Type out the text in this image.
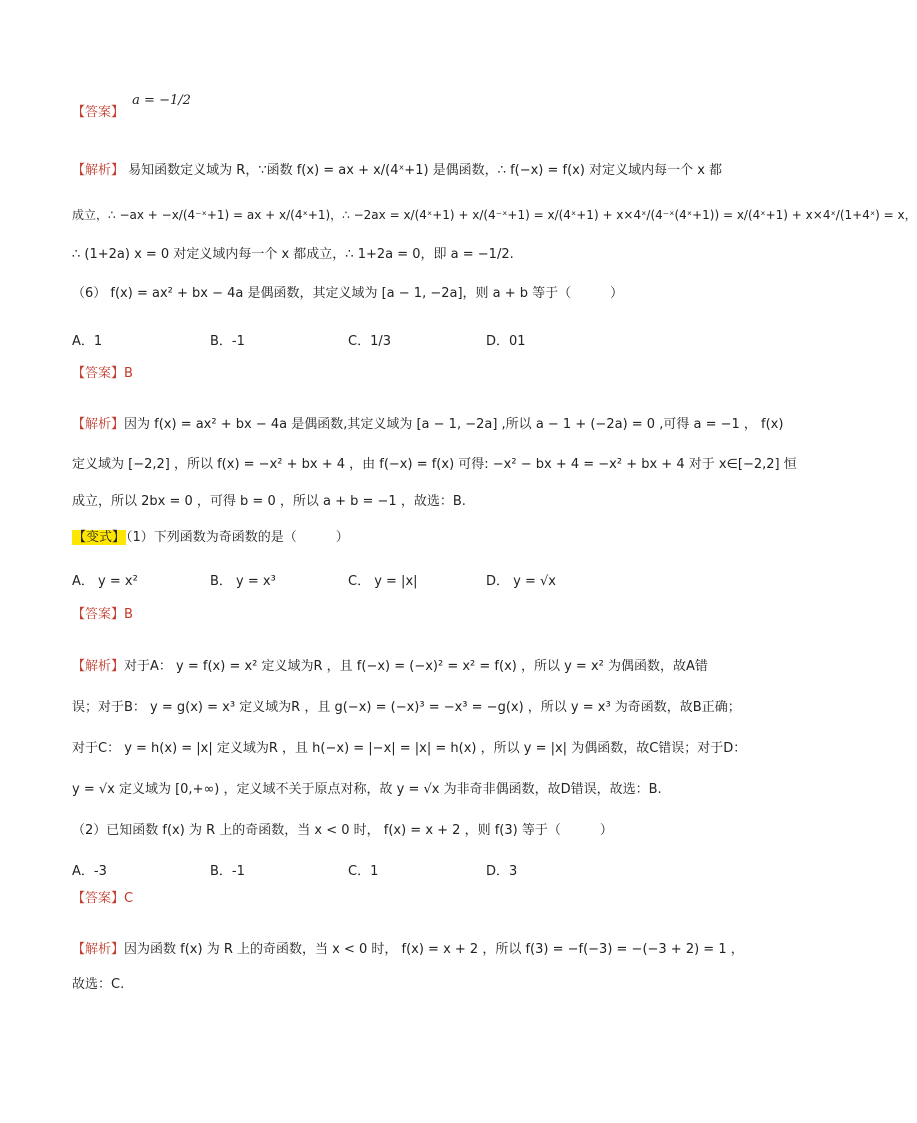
【答案】 a = −1/2
【解析】 易知函数定义域为 R，∵函数 f(x) = ax + x/(4ˣ+1) 是偶函数，∴ f(−x) = f(x) 对定义域内每一个 x 都
成立，∴ −ax + −x/(4⁻ˣ+1) = ax + x/(4ˣ+1)，∴ −2ax = x/(4ˣ+1) + x/(4⁻ˣ+1) = x/(4ˣ+1) + x×4ˣ/(4⁻ˣ(4ˣ+1)) = x/(4ˣ+1) + x×4ˣ/(1+4ˣ) = x，
∴ (1+2a) x = 0 对定义域内每一个 x 都成立，∴ 1+2a = 0，即 a = −1/2.
（6） f(x) = ax² + bx − 4a 是偶函数，其定义域为 [a − 1, −2a]，则 a + b 等于（　　　）
A．1	B．-1	C．1/3	D．01
【答案】B
【解析】因为 f(x) = ax² + bx − 4a 是偶函数,其定义域为 [a − 1, −2a] ,所以 a − 1 + (−2a) = 0 ,可得 a = −1 ， f(x)
定义域为 [−2,2] ，所以 f(x) = −x² + bx + 4 ，由 f(−x) = f(x) 可得: −x² − bx + 4 = −x² + bx + 4 对于 x∈[−2,2] 恒
成立，所以 2bx = 0 ，可得 b = 0 ，所以 a + b = −1 ，故选：B.
【变式】（1）下列函数为奇函数的是（　　　）
A． y = x²	B． y = x³	C． y = |x|	D． y = √x
【答案】B
【解析】对于A： y = f(x) = x² 定义域为R ，且 f(−x) = (−x)² = x² = f(x) ，所以 y = x² 为偶函数，故A错
误；对于B： y = g(x) = x³ 定义域为R ，且 g(−x) = (−x)³ = −x³ = −g(x) ，所以 y = x³ 为奇函数，故B正确；
对于C： y = h(x) = |x| 定义域为R ，且 h(−x) = |−x| = |x| = h(x) ，所以 y = |x| 为偶函数，故C错误；对于D：
y = √x 定义域为 [0,+∞) ，定义域不关于原点对称，故 y = √x 为非奇非偶函数，故D错误，故选：B.
（2）已知函数 f(x) 为 R 上的奇函数，当 x < 0 时， f(x) = x + 2 ，则 f(3) 等于（　　　）
A．-3	B．-1	C．1	D．3
【答案】C
【解析】因为函数 f(x) 为 R 上的奇函数，当 x < 0 时， f(x) = x + 2 ，所以 f(3) = −f(−3) = −(−3 + 2) = 1 ，
故选：C.
